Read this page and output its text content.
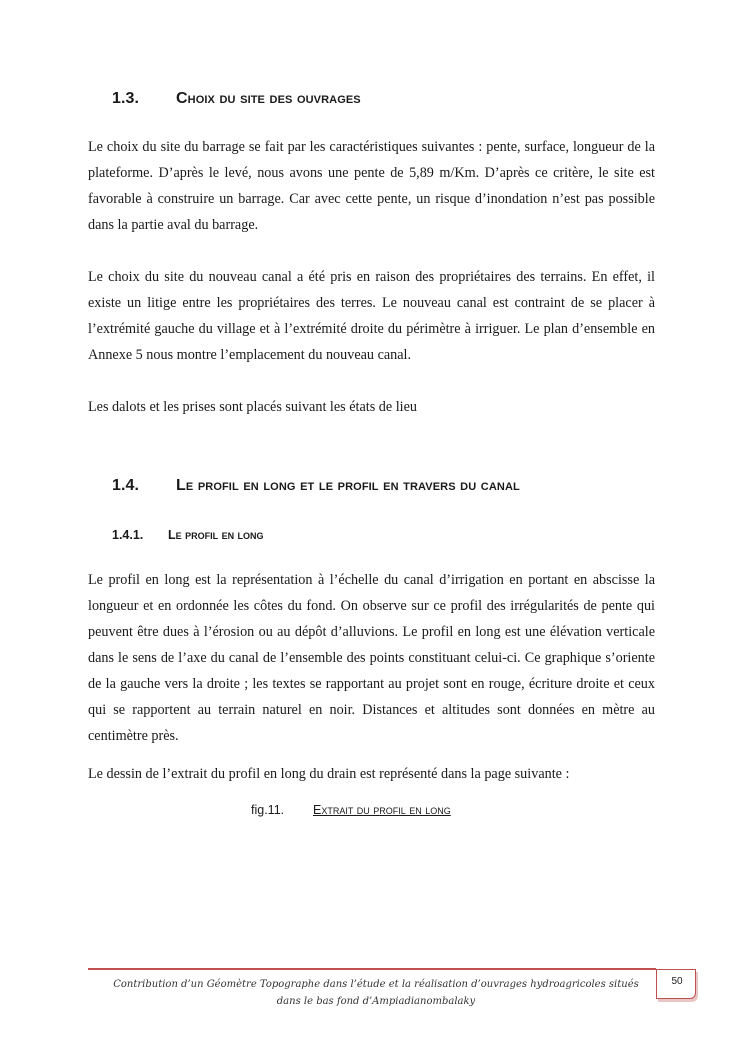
1.3. Choix du site des ouvrages

Le choix du site du barrage se fait par les caractéristiques suivantes : pente, surface, longueur de la plateforme. D’après le levé, nous avons une pente de 5,89 m/Km. D’après ce critère, le site est favorable à construire un barrage. Car avec cette pente, un risque d’inondation n’est pas possible dans la partie aval du barrage.

Le choix du site du nouveau canal a été pris en raison des propriétaires des terrains. En effet, il existe un litige entre les propriétaires des terres. Le nouveau canal est contraint de se placer à l’extrémité gauche du village et à l’extrémité droite du périmètre à irriguer. Le plan d’ensemble en Annexe 5 nous montre l’emplacement du nouveau canal.

Les dalots et les prises sont placés suivant les états de lieu

1.4. Le profil en long et le profil en travers du canal
1.4.1. Le profil en long

Le profil en long est la représentation à l’échelle du canal d’irrigation en portant en abscisse la longueur et en ordonnée les côtes du fond. On observe sur ce profil des irrégularités de pente qui peuvent être dues à l’érosion ou au dépôt d’alluvions. Le profil en long est une élévation verticale dans le sens de l’axe du canal de l’ensemble des points constituant celui-ci. Ce graphique s’oriente de la gauche vers la droite ; les textes se rapportant au projet sont en rouge, écriture droite et ceux qui se rapportent au terrain naturel en noir. Distances et altitudes sont données en mètre au centimètre près.

Le dessin de l’extrait du profil en long du drain est représenté dans la page suivante :

fig.11. Extrait du profil en long
Contribution d’un Géomètre Topographe dans l’étude et la réalisation d’ouvrages hydroagricoles situés dans le bas fond d’Ampiadianombalaky
50
